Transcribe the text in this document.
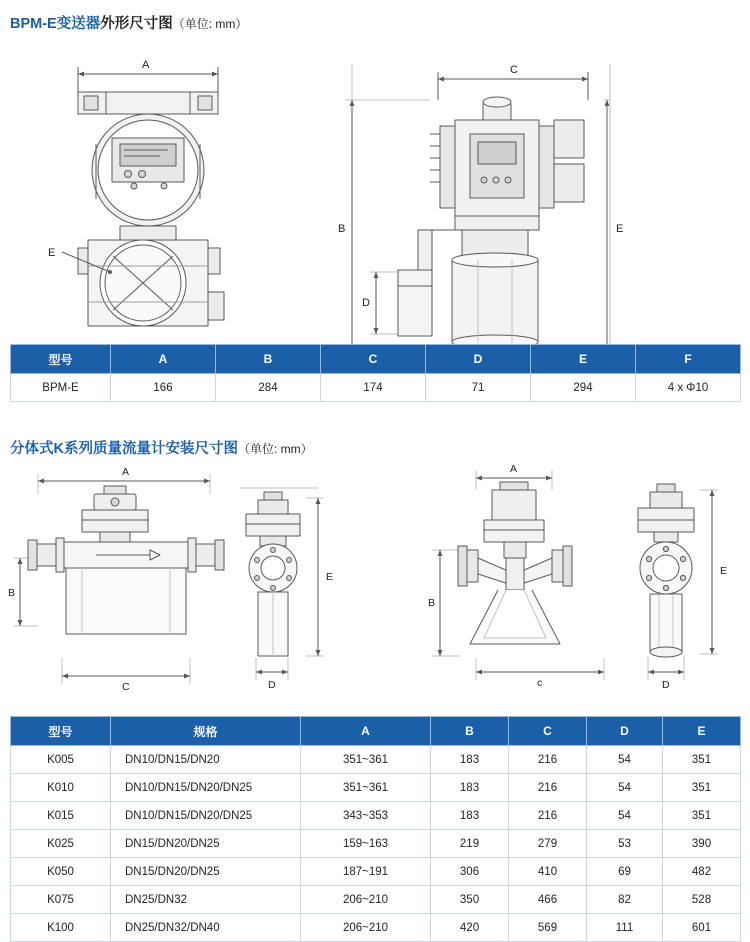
BPM-E变送器外形尺寸图（单位: mm）
A
E
C
B	E
D
型号	A	B	C	D	E	F
BPM-E	166	284	174	71	294	4 x Φ10
分体式K系列质量流量计安装尺寸图（单位: mm）
A
B
C
E
D
A
B
c
E
D
型号	规格	A	B	C	D	E
K005	DN10/DN15/DN20	351~361	183	216	54	351
K010	DN10/DN15/DN20/DN25	351~361	183	216	54	351
K015	DN10/DN15/DN20/DN25	343~353	183	216	54	351
K025	DN15/DN20/DN25	159~163	219	279	53	390
K050	DN15/DN20/DN25	187~191	306	410	69	482
K075	DN25/DN32	206~210	350	466	82	528
K100	DN25/DN32/DN40	206~210	420	569	111	601
